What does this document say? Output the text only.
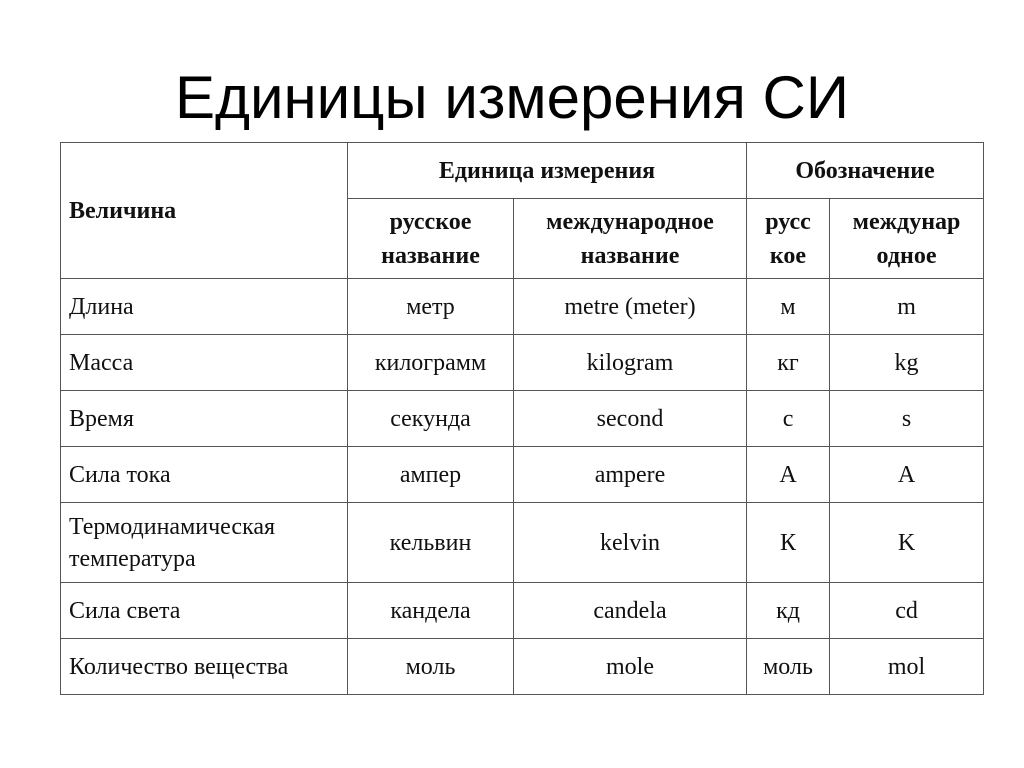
Единицы измерения СИ
Величина	Единица измерения		Обозначение	
	русское название	международное название	русс кое	междунар одное
Длина	метр	metre (meter)	м	m
Масса	килограмм	kilogram	кг	kg
Время	секунда	second	с	s
Сила тока	ампер	ampere	А	A
Термодинамическая температура	кельвин	kelvin	К	K
Сила света	кандела	candela	кд	cd
Количество вещества	моль	mole	моль	mol
